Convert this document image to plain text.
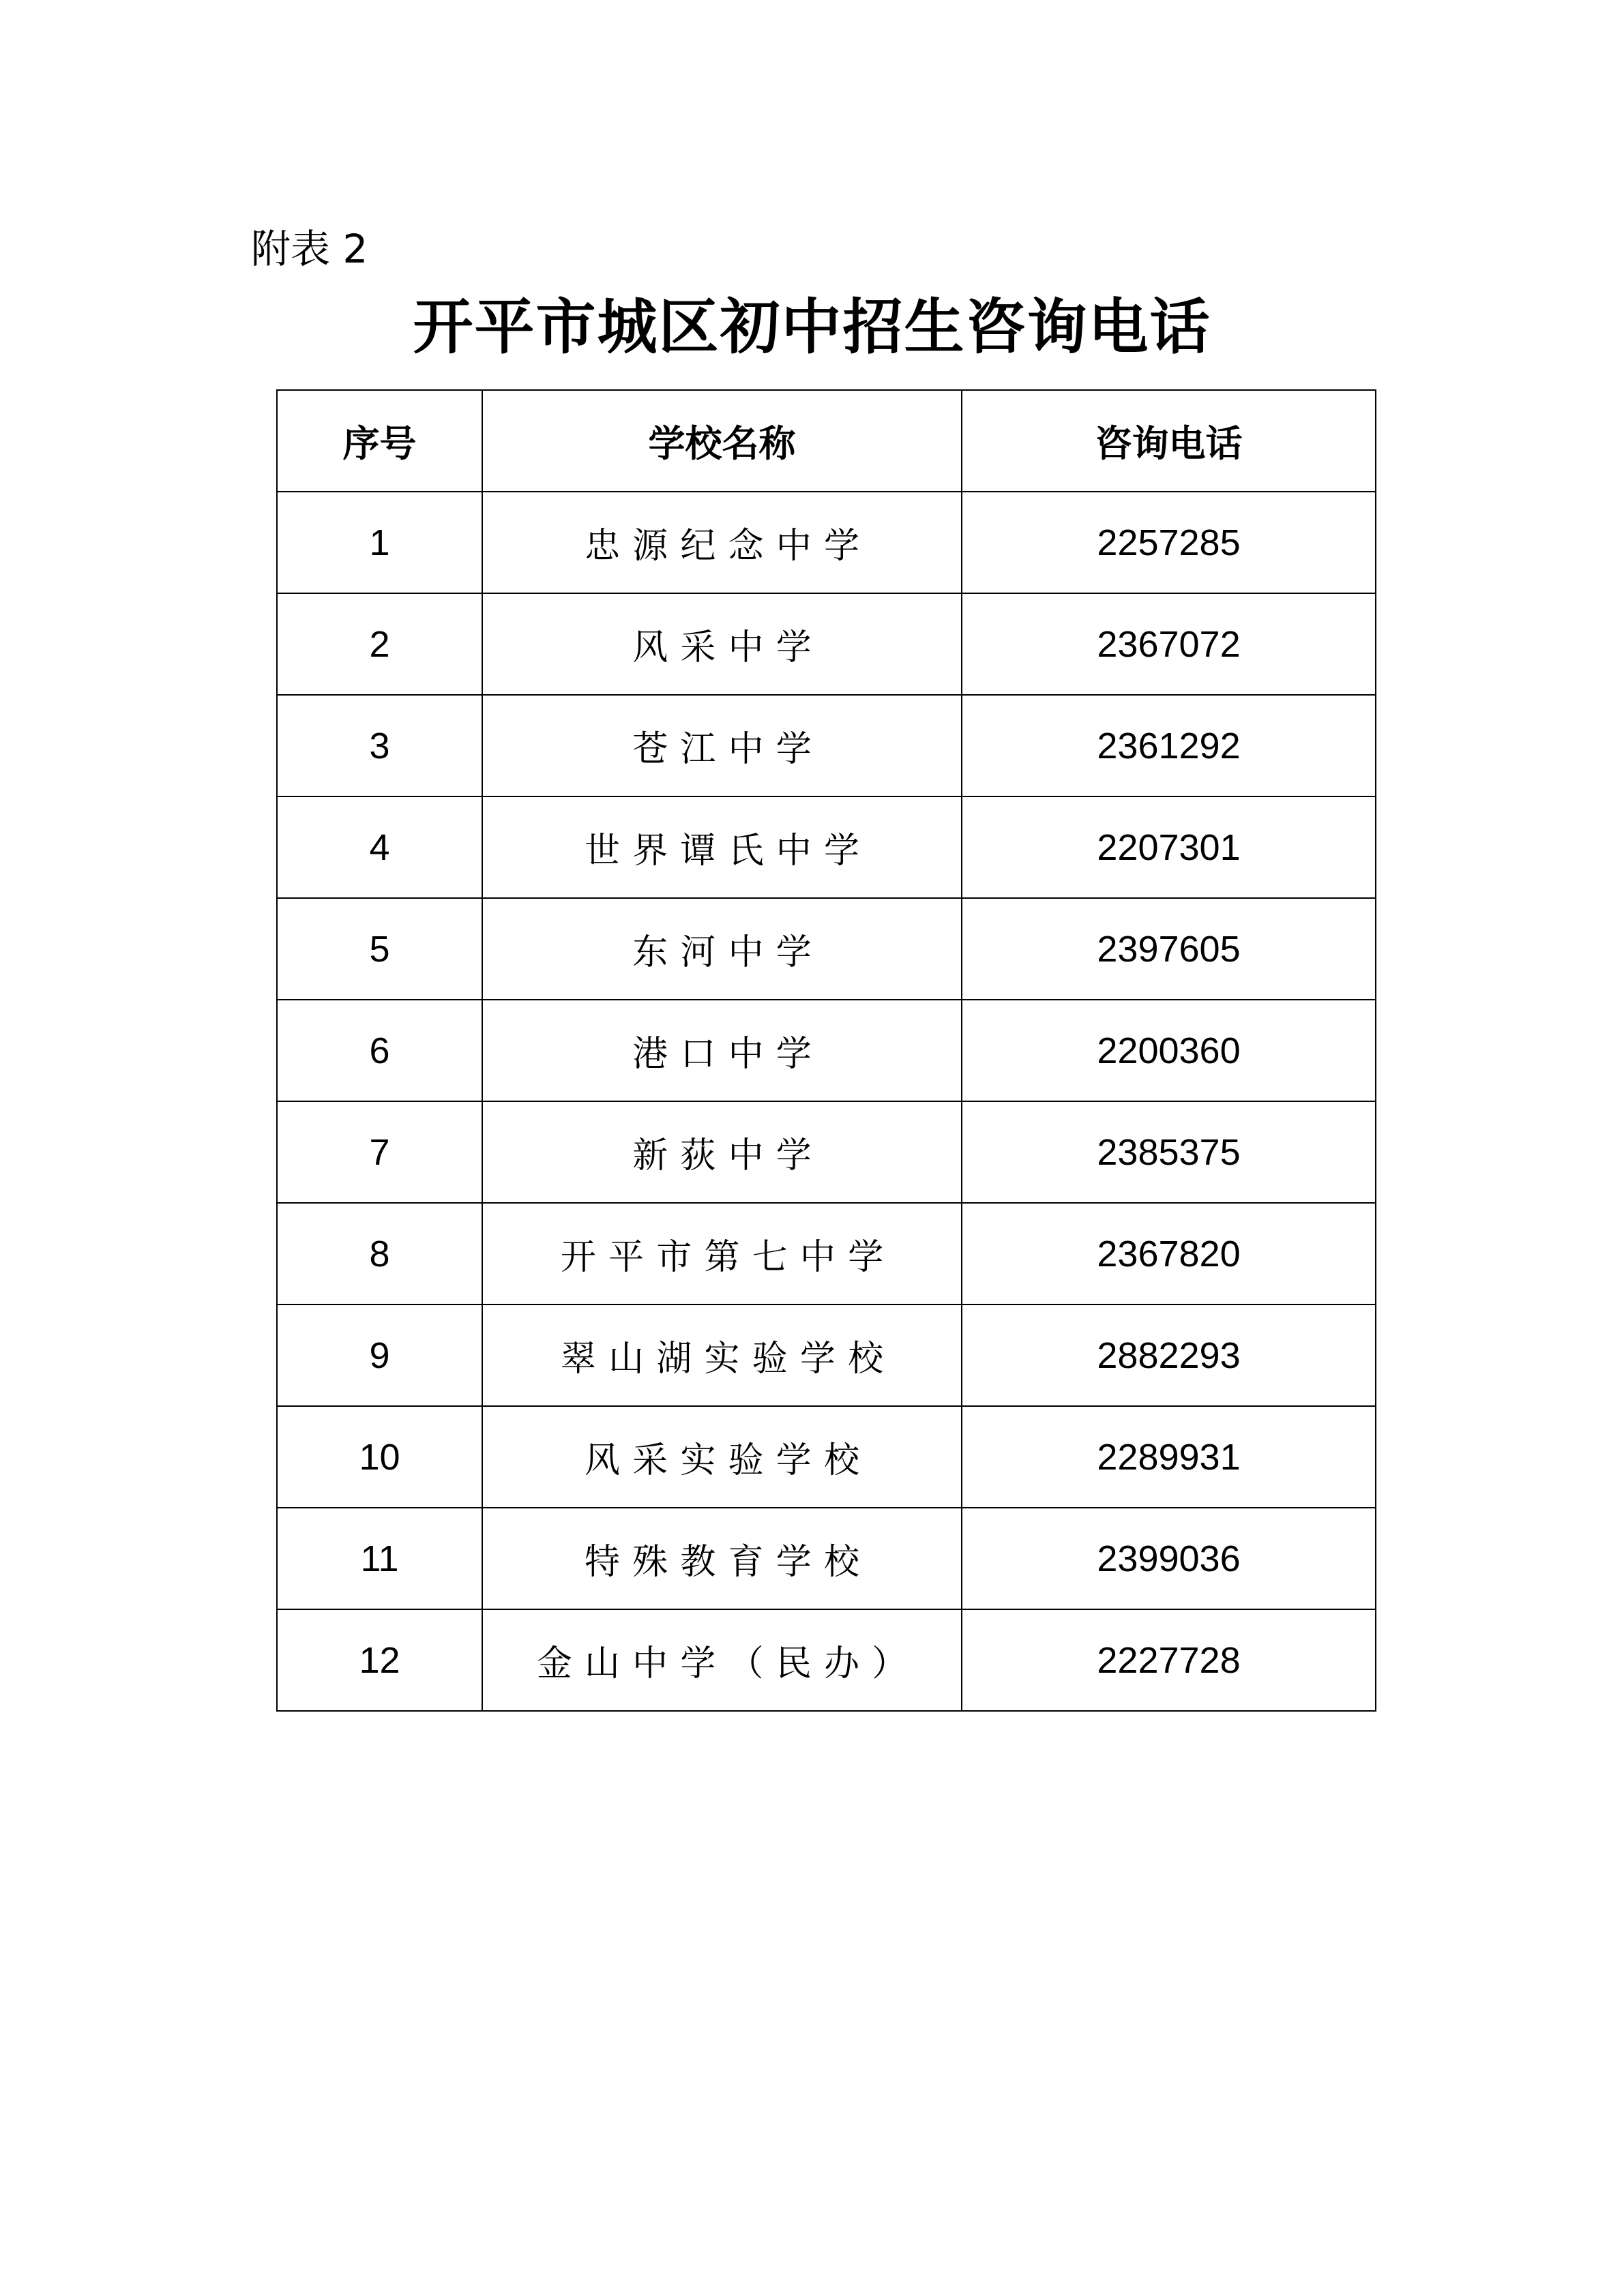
附表 2
开平市城区初中招生咨询电话
序号	学校名称	咨询电话
1	忠源纪念中学	2257285
2	风采中学	2367072
3	苍江中学	2361292
4	世界谭氏中学	2207301
5	东河中学	2397605
6	港口中学	2200360
7	新荻中学	2385375
8	开平市第七中学	2367820
9	翠山湖实验学校	2882293
10	风采实验学校	2289931
11	特殊教育学校	2399036
12	金山中学（民办）	2227728
